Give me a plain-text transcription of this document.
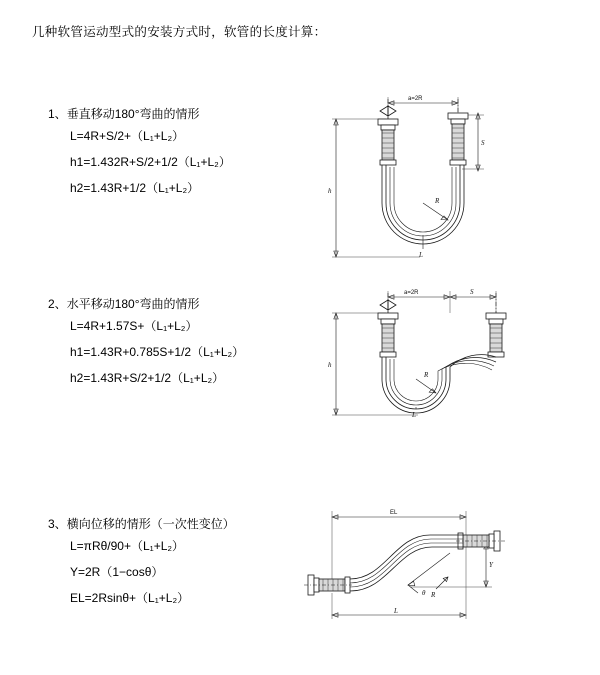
几种软管运动型式的安装方式时，软管的长度计算：
1、垂直移动180°弯曲的情形
L=4R+S/2+（L₁+L₂）
h1=1.432R+S/2+1/2（L₁+L₂）
h2=1.43R+1/2（L₁+L₂）
a=2R
S
h
R
L
2、水平移动180°弯曲的情形
L=4R+1.57S+（L₁+L₂）
h1=1.43R+0.785S+1/2（L₁+L₂）
h2=1.43R+S/2+1/2（L₁+L₂）
a=2R	S
h
R
L
3、横向位移的情形（一次性变位）
L=πRθ/90+（L₁+L₂）
Y=2R（1−cosθ）
EL=2Rsinθ+（L₁+L₂）
EL
Y
θ R
L
